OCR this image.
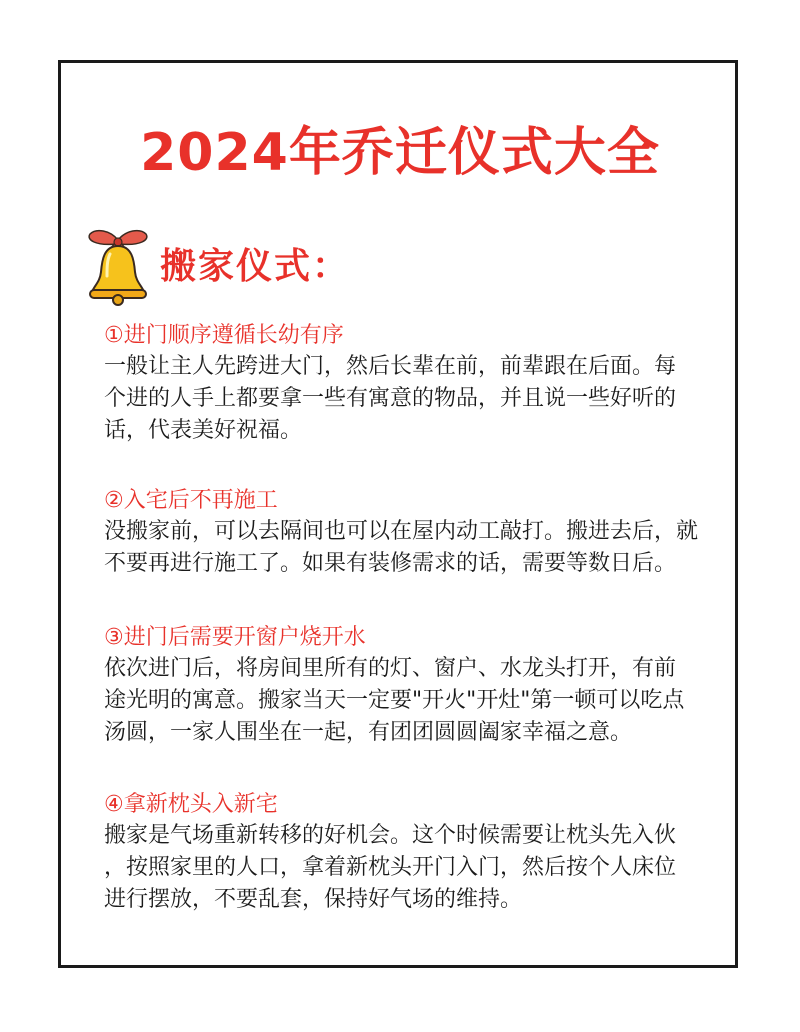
2024年乔迁仪式大全
搬家仪式：

①进门顺序遵循长幼有序

一般让主人先跨进大门，然后长辈在前，前辈跟在后面。每

个进的人手上都要拿一些有寓意的物品，并且说一些好听的

话，代表美好祝福。

②入宅后不再施工

没搬家前，可以去隔间也可以在屋内动工敲打。搬进去后，就

不要再进行施工了。如果有装修需求的话，需要等数日后。

③进门后需要开窗户烧开水

依次进门后，将房间里所有的灯、窗户、水龙头打开，有前

途光明的寓意。搬家当天一定要"开火"开灶"第一顿可以吃点

汤圆，一家人围坐在一起，有团团圆圆阖家幸福之意。

④拿新枕头入新宅

搬家是气场重新转移的好机会。这个时候需要让枕头先入伙

，按照家里的人口，拿着新枕头开门入门，然后按个人床位

进行摆放，不要乱套，保持好气场的维持。
